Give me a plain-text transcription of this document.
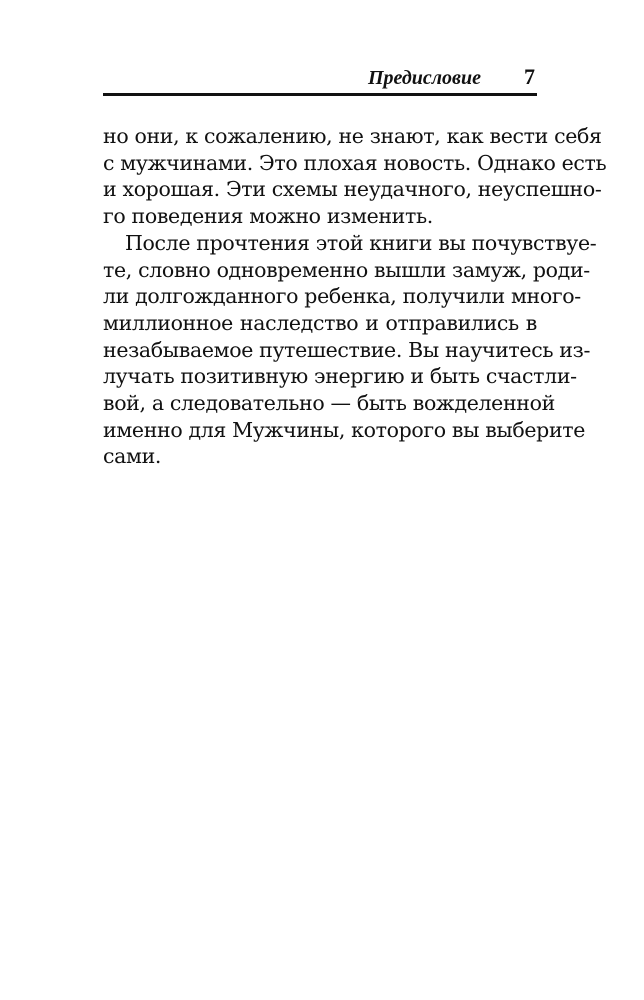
Предисловие 7
но они, к сожалению, не знают, как вести себя
с мужчинами. Это плохая новость. Однако есть
и хорошая. Эти схемы неудачного, неуспешно-
го поведения можно изменить.
После прочтения этой книги вы почувствуе-
те, словно одновременно вышли замуж, роди-
ли долгожданного ребенка, получили много-
миллионное наследство и отправились в
незабываемое путешествие. Вы научитесь из-
лучать позитивную энергию и быть счастли-
вой, а следовательно — быть вожделенной
именно для Мужчины, которого вы выберите
сами.
